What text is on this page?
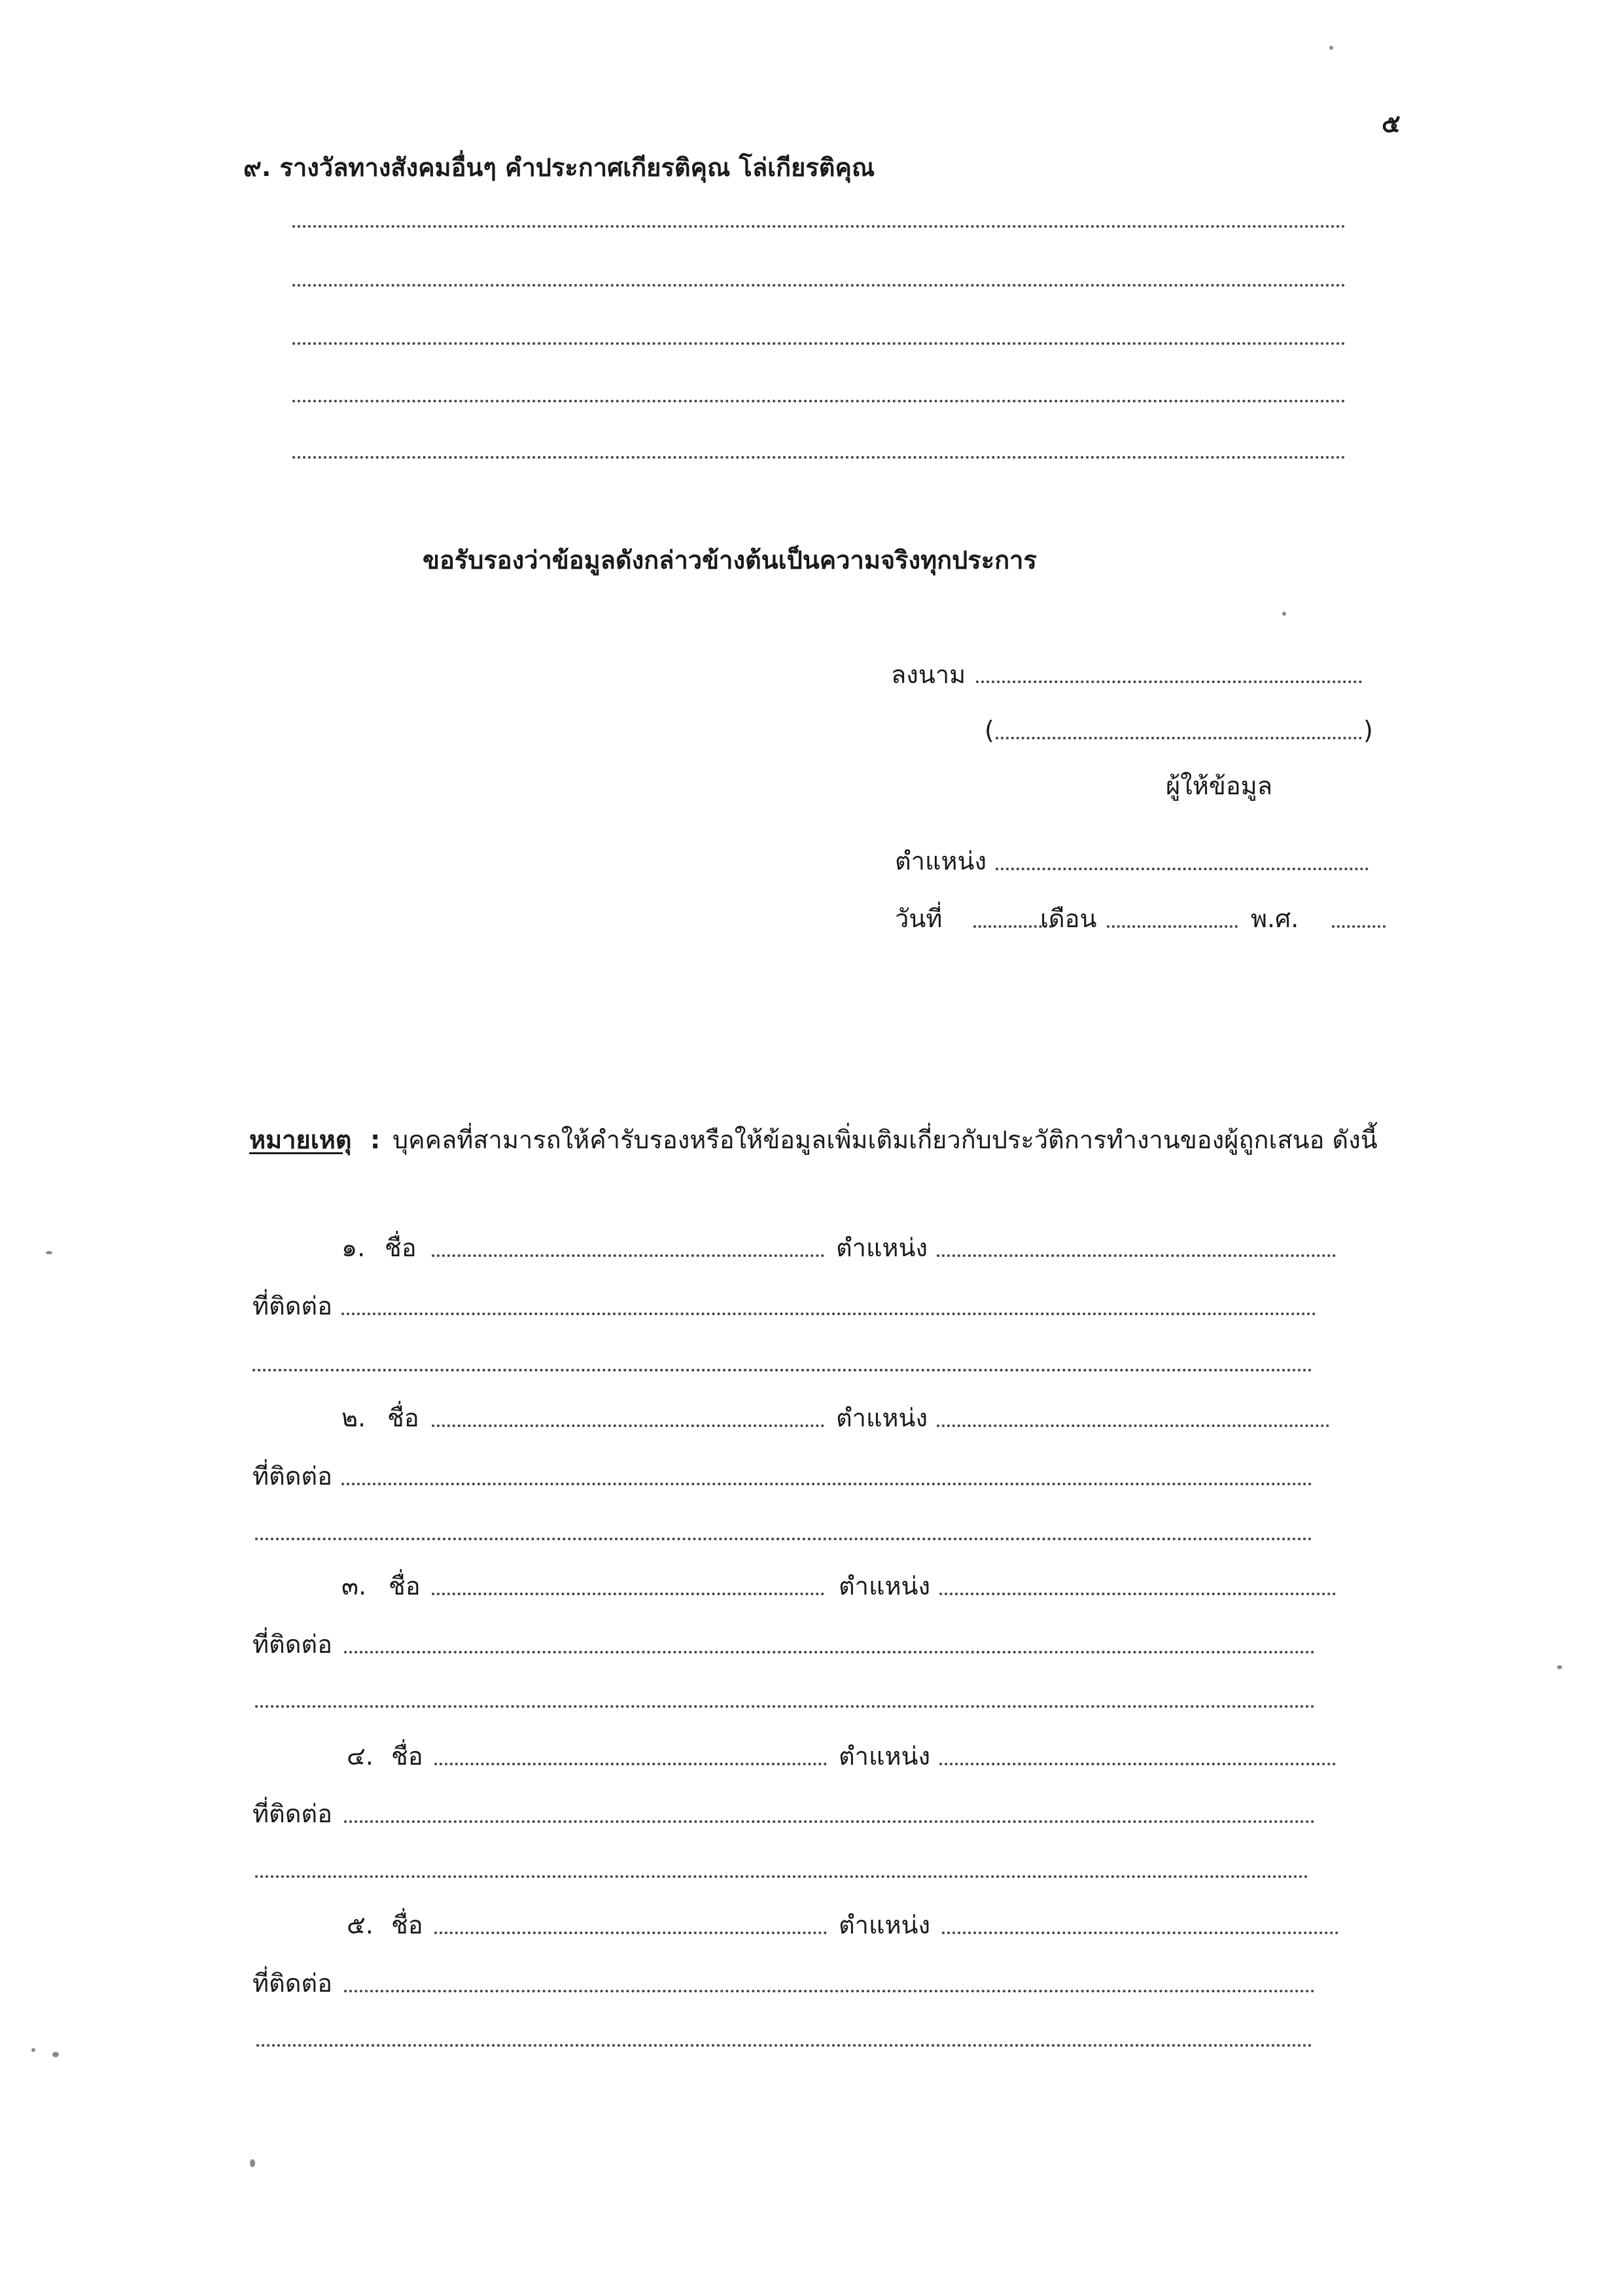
๕
๙. รางวัลทางสังคมอื่นๆ คำประกาศเกียรติคุณ โล่เกียรติคุณ
ขอรับรองว่าข้อมูลดังกล่าวข้างต้นเป็นความจริงทุกประการ
ลงนาม
(	)
ผู้ให้ข้อมูล
ตำแหน่ง
วันที่	เดือน	พ.ศ.
หมายเหตุ : บุคคลที่สามารถให้คำรับรองหรือให้ข้อมูลเพิ่มเติมเกี่ยวกับประวัติการทำงานของผู้ถูกเสนอ ดังนี้
๑. ชื่อ	ตำแหน่ง
ที่ติดต่อ
๒. ชื่อ	ตำแหน่ง
ที่ติดต่อ
๓. ชื่อ	ตำแหน่ง
ที่ติดต่อ
๔. ชื่อ	ตำแหน่ง
ที่ติดต่อ
๕. ชื่อ	ตำแหน่ง
ที่ติดต่อ
